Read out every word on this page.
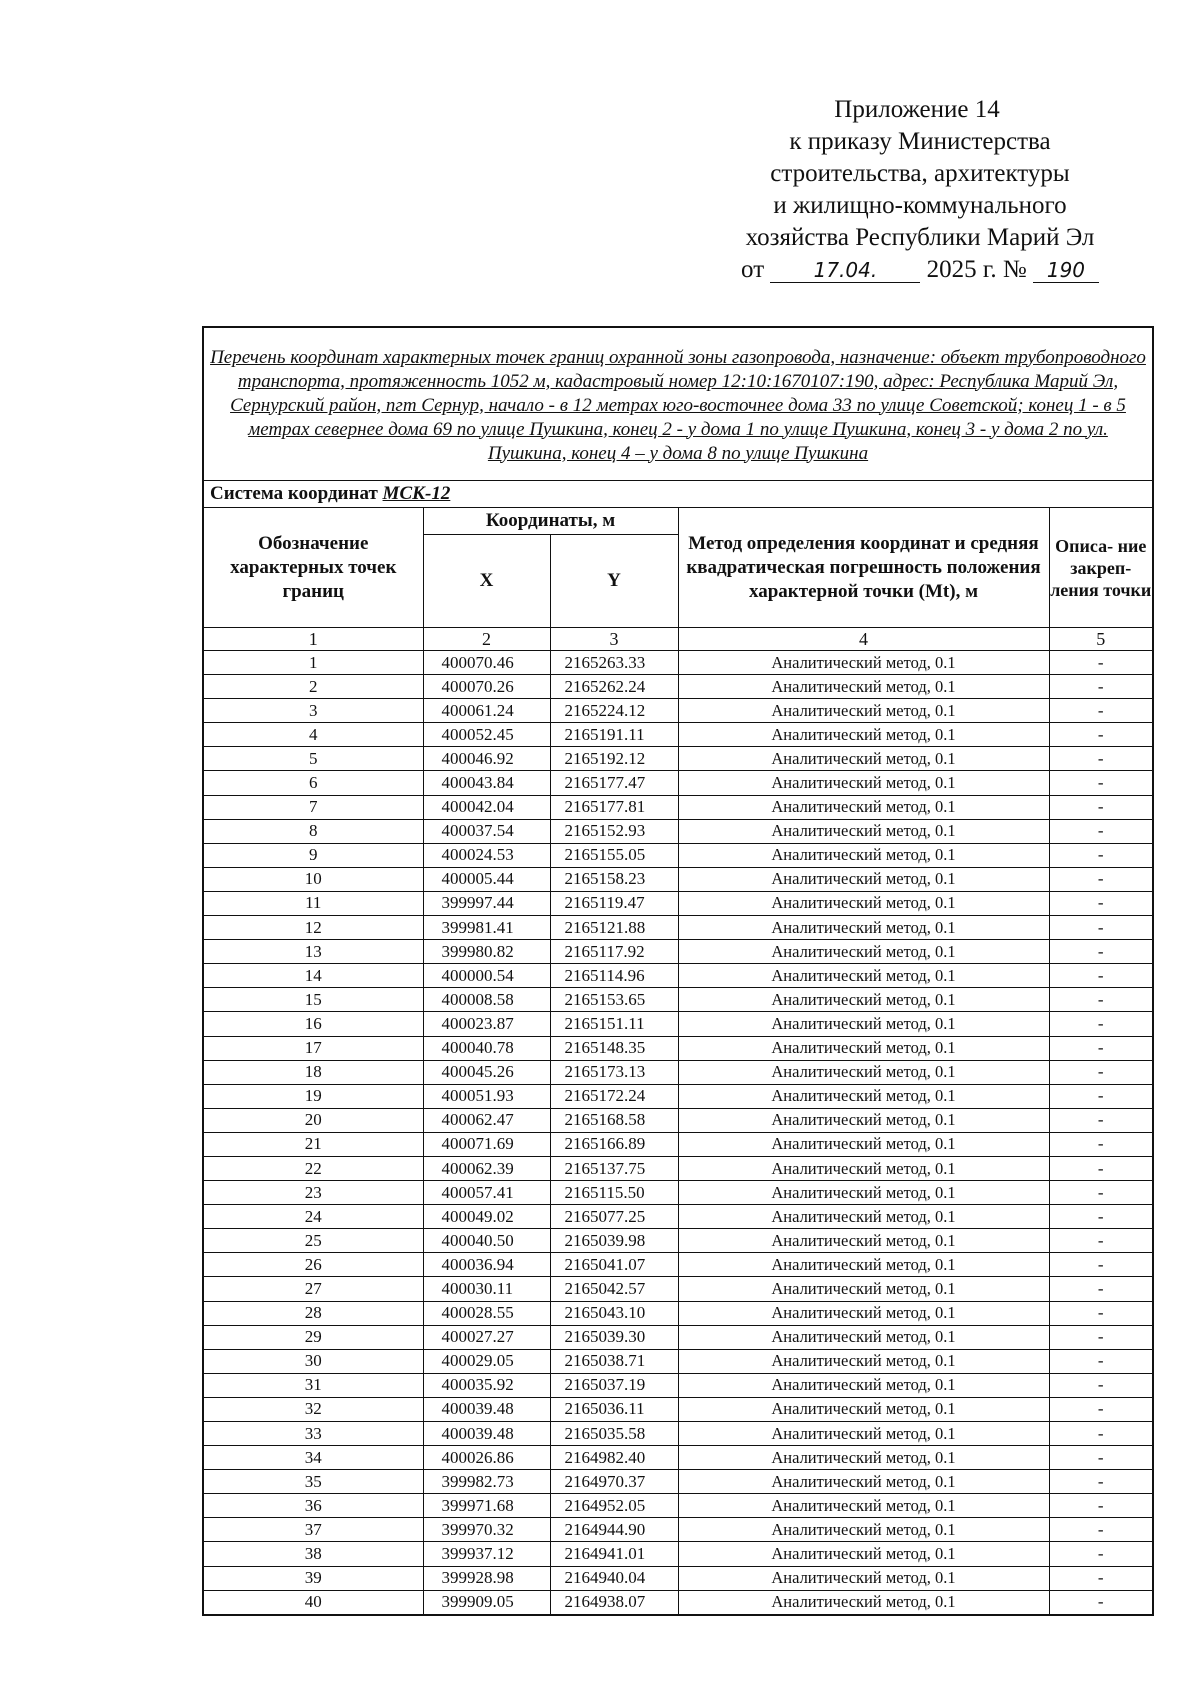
Приложение 14
к приказу Министерства
строительства, архитектуры
и жилищно-коммунального
хозяйства Республики Марий Эл
от 17.04. 2025 г. № 190
Перечень координат характерных точек границ охранной зоны газопровода, назначение: объект трубопроводного транспорта, протяженность 1052 м, кадастровый номер 12:10:1670107:190, адрес: Республика Марий Эл, Сернурский район, пгт Сернур, начало - в 12 метрах юго-восточнее дома 33 по улице Советской; конец 1 - в 5 метрах севернее дома 69 по улице Пушкина, конец 2 - у дома 1 по улице Пушкина, конец 3 - у дома 2 по ул. Пушкина, конец 4 – у дома 8 по улице Пушкина				
Система координат МСК-12				
Обозначение характерных точек границ	Координаты, м		Метод определения координат и средняя квадратическая погрешность положения характерной точки (Mt), м	Описа- ние закреп- ления точки
	X	Y		
1	2	3	4	5
1	400070.46	2165263.33	Аналитический метод, 0.1	-
2	400070.26	2165262.24	Аналитический метод, 0.1	-
3	400061.24	2165224.12	Аналитический метод, 0.1	-
4	400052.45	2165191.11	Аналитический метод, 0.1	-
5	400046.92	2165192.12	Аналитический метод, 0.1	-
6	400043.84	2165177.47	Аналитический метод, 0.1	-
7	400042.04	2165177.81	Аналитический метод, 0.1	-
8	400037.54	2165152.93	Аналитический метод, 0.1	-
9	400024.53	2165155.05	Аналитический метод, 0.1	-
10	400005.44	2165158.23	Аналитический метод, 0.1	-
11	399997.44	2165119.47	Аналитический метод, 0.1	-
12	399981.41	2165121.88	Аналитический метод, 0.1	-
13	399980.82	2165117.92	Аналитический метод, 0.1	-
14	400000.54	2165114.96	Аналитический метод, 0.1	-
15	400008.58	2165153.65	Аналитический метод, 0.1	-
16	400023.87	2165151.11	Аналитический метод, 0.1	-
17	400040.78	2165148.35	Аналитический метод, 0.1	-
18	400045.26	2165173.13	Аналитический метод, 0.1	-
19	400051.93	2165172.24	Аналитический метод, 0.1	-
20	400062.47	2165168.58	Аналитический метод, 0.1	-
21	400071.69	2165166.89	Аналитический метод, 0.1	-
22	400062.39	2165137.75	Аналитический метод, 0.1	-
23	400057.41	2165115.50	Аналитический метод, 0.1	-
24	400049.02	2165077.25	Аналитический метод, 0.1	-
25	400040.50	2165039.98	Аналитический метод, 0.1	-
26	400036.94	2165041.07	Аналитический метод, 0.1	-
27	400030.11	2165042.57	Аналитический метод, 0.1	-
28	400028.55	2165043.10	Аналитический метод, 0.1	-
29	400027.27	2165039.30	Аналитический метод, 0.1	-
30	400029.05	2165038.71	Аналитический метод, 0.1	-
31	400035.92	2165037.19	Аналитический метод, 0.1	-
32	400039.48	2165036.11	Аналитический метод, 0.1	-
33	400039.48	2165035.58	Аналитический метод, 0.1	-
34	400026.86	2164982.40	Аналитический метод, 0.1	-
35	399982.73	2164970.37	Аналитический метод, 0.1	-
36	399971.68	2164952.05	Аналитический метод, 0.1	-
37	399970.32	2164944.90	Аналитический метод, 0.1	-
38	399937.12	2164941.01	Аналитический метод, 0.1	-
39	399928.98	2164940.04	Аналитический метод, 0.1	-
40	399909.05	2164938.07	Аналитический метод, 0.1	-
